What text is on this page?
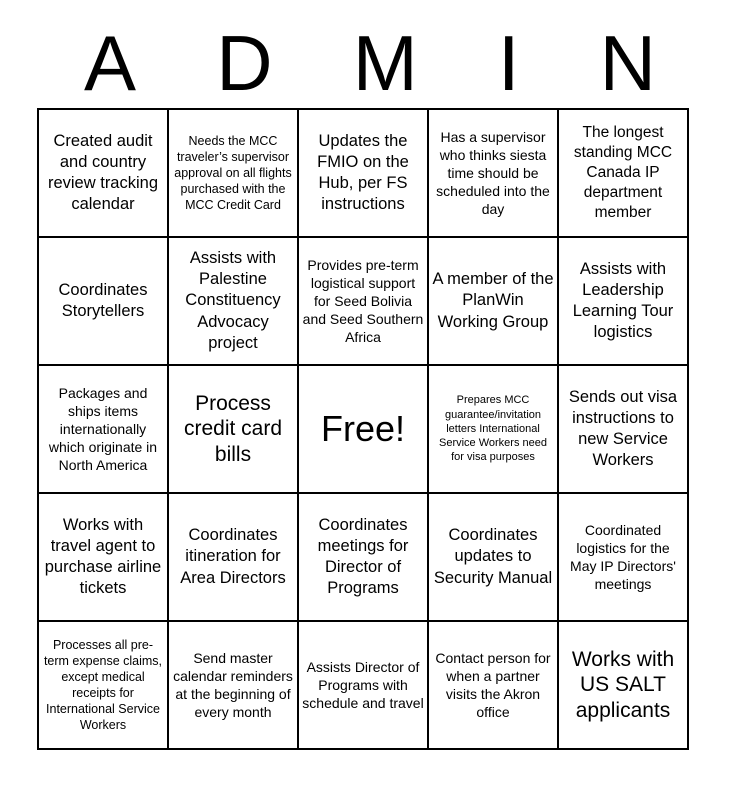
A D M I N
Created audit and country review tracking calendar	Needs the MCC traveler’s supervisor approval on all flights purchased with the MCC Credit Card	Updates the FMIO on the Hub, per FS instructions	Has a supervisor who thinks siesta time should be scheduled into the day	The longest standing MCC Canada IP department member
Coordinates Storytellers	Assists with Palestine Constituency Advocacy project	Provides pre-term logistical support for Seed Bolivia and Seed Southern Africa	A member of the PlanWin Working Group	Assists with Leadership Learning Tour logistics
Packages and ships items internationally which originate in North America	Process credit card bills	Free!	Prepares MCC guarantee/invitation letters International Service Workers need for visa purposes	Sends out visa instructions to new Service Workers
Works with travel agent to purchase airline tickets	Coordinates itineration for Area Directors	Coordinates meetings for Director of Programs	Coordinates updates to Security Manual	Coordinated logistics for the May IP Directors' meetings
Processes all pre-term expense claims, except medical receipts for International Service Workers	Send master calendar reminders at the beginning of every month	Assists Director of Programs with schedule and travel	Contact person for when a partner visits the Akron office	Works with US SALT applicants
